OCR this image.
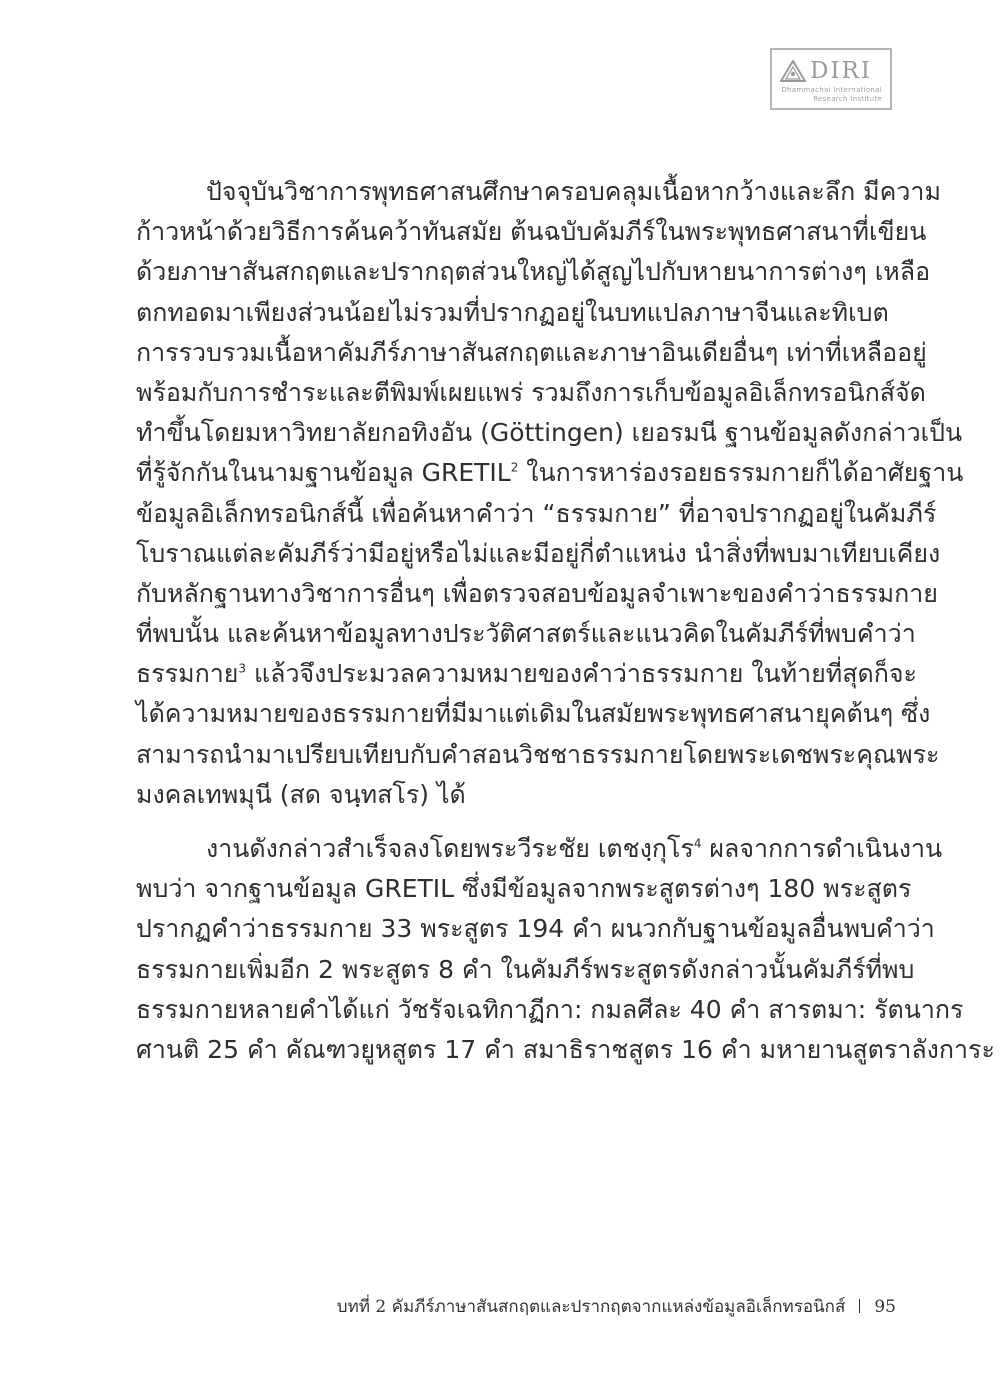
DIRI
Dhammachai International
Research Institute
ปัจจุบันวิชาการพุทธศาสนศึกษาครอบคลุมเนื้อหากว้างและลึก มีความ
ก้าวหน้าด้วยวิธีการค้นคว้าทันสมัย ต้นฉบับคัมภีร์ในพระพุทธศาสนาที่เขียน
ด้วยภาษาสันสกฤตและปรากฤตส่วนใหญ่ได้สูญไปกับหายนาการต่างๆ เหลือ
ตกทอดมาเพียงส่วนน้อยไม่รวมที่ปรากฏอยู่ในบทแปลภาษาจีนและทิเบต
การรวบรวมเนื้อหาคัมภีร์ภาษาสันสกฤตและภาษาอินเดียอื่นๆ เท่าที่เหลืออยู่
พร้อมกับการชำระและตีพิมพ์เผยแพร่ รวมถึงการเก็บข้อมูลอิเล็กทรอนิกส์จัด
ทำขึ้นโดยมหาวิทยาลัยกอทิงอัน (Göttingen) เยอรมนี ฐานข้อมูลดังกล่าวเป็น
ที่รู้จักกันในนามฐานข้อมูล GRETIL$^2$ ในการหาร่องรอยธรรมกายก็ได้อาศัยฐาน
ข้อมูลอิเล็กทรอนิกส์นี้ เพื่อค้นหาคำว่า “ธรรมกาย” ที่อาจปรากฏอยู่ในคัมภีร์
โบราณแต่ละคัมภีร์ว่ามีอยู่หรือไม่และมีอยู่กี่ตำแหน่ง นำสิ่งที่พบมาเทียบเคียง
กับหลักฐานทางวิชาการอื่นๆ เพื่อตรวจสอบข้อมูลจำเพาะของคำว่าธรรมกาย
ที่พบนั้น และค้นหาข้อมูลทางประวัติศาสตร์และแนวคิดในคัมภีร์ที่พบคำว่า
ธรรมกาย$^3$ แล้วจึงประมวลความหมายของคำว่าธรรมกาย ในท้ายที่สุดก็จะ
ได้ความหมายของธรรมกายที่มีมาแต่เดิมในสมัยพระพุทธศาสนายุคต้นๆ ซึ่ง
สามารถนำมาเปรียบเทียบกับคำสอนวิชชาธรรมกายโดยพระเดชพระคุณพระ
มงคลเทพมุนี (สด จนฺทสโร) ได้
งานดังกล่าวสำเร็จลงโดยพระวีระชัย เตชงฺกุโร$^4$ ผลจากการดำเนินงาน
พบว่า จากฐานข้อมูล GRETIL ซึ่งมีข้อมูลจากพระสูตรต่างๆ 180 พระสูตร
ปรากฏคำว่าธรรมกาย 33 พระสูตร 194 คำ ผนวกกับฐานข้อมูลอื่นพบคำว่า
ธรรมกายเพิ่มอีก 2 พระสูตร 8 คำ ในคัมภีร์พระสูตรดังกล่าวนั้นคัมภีร์ที่พบ
ธรรมกายหลายคำได้แก่ วัชรัจเฉทิกาฏีกา: กมลศีละ 40 คำ สารตมา: รัตนากร
ศานติ 25 คำ คัณฑวยูหสูตร 17 คำ สมาธิราชสูตร 16 คำ มหายานสูตราลังการะ
บทที่ 2 คัมภีร์ภาษาสันสกฤตและปรากฤตจากแหล่งข้อมูลอิเล็กทรอนิกส์ 95
